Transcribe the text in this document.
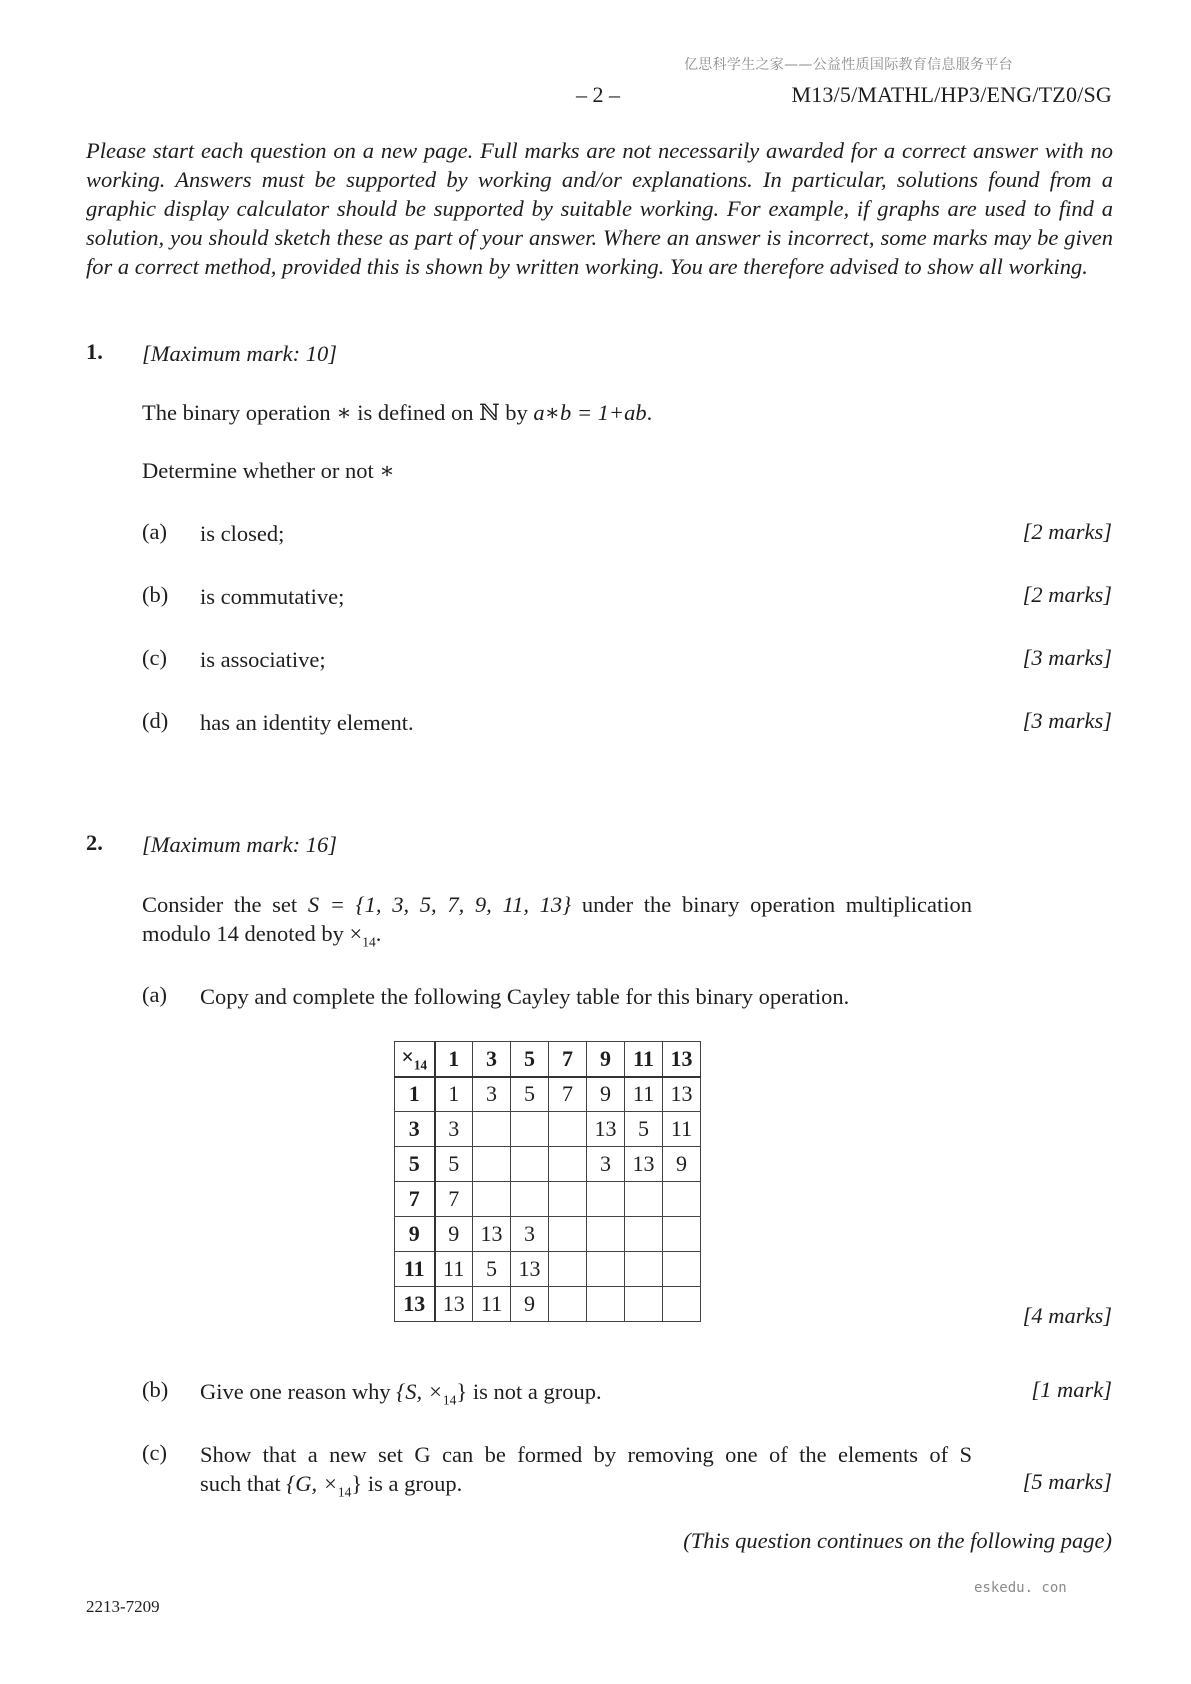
亿思科学生之家——公益性质国际教育信息服务平台
– 2 –	M13/5/MATHL/HP3/ENG/TZ0/SG
Please start each question on a new page. Full marks are not necessarily awarded for a correct answer with no working. Answers must be supported by working and/or explanations. In particular, solutions found from a graphic display calculator should be supported by suitable working. For example, if graphs are used to find a solution, you should sketch these as part of your answer. Where an answer is incorrect, some marks may be given for a correct method, provided this is shown by written working. You are therefore advised to show all working.
1. [Maximum mark: 10]
The binary operation ∗ is defined on ℕ by a∗b = 1+ab.
Determine whether or not ∗
(a) is closed;	[2 marks]
(b) is commutative;	[2 marks]
(c) is associative;	[3 marks]
(d) has an identity element.	[3 marks]
2. [Maximum mark: 16]
Consider the set S = {1, 3, 5, 7, 9, 11, 13} under the binary operation multiplication
modulo 14 denoted by $\times_{14}$.
(a) Copy and complete the following Cayley table for this binary operation.
$\times_{14}$	1	3	5	7	9	11	13
1	1	3	5	7	9	11	13
3	3				13	5	11
5	5				3	13	9
7	7						
9	9	13	3				
11	11	5	13				
13	13	11	9					[4 marks]
(b) Give one reason why {S, $\times_{14}$} is not a group.	[1 mark]
(c) Show that a new set G can be formed by removing one of the elements of S
such that {G, $\times_{14}$} is a group.	[5 marks]
(This question continues on the following page)
2213-7209
eskedu. con
